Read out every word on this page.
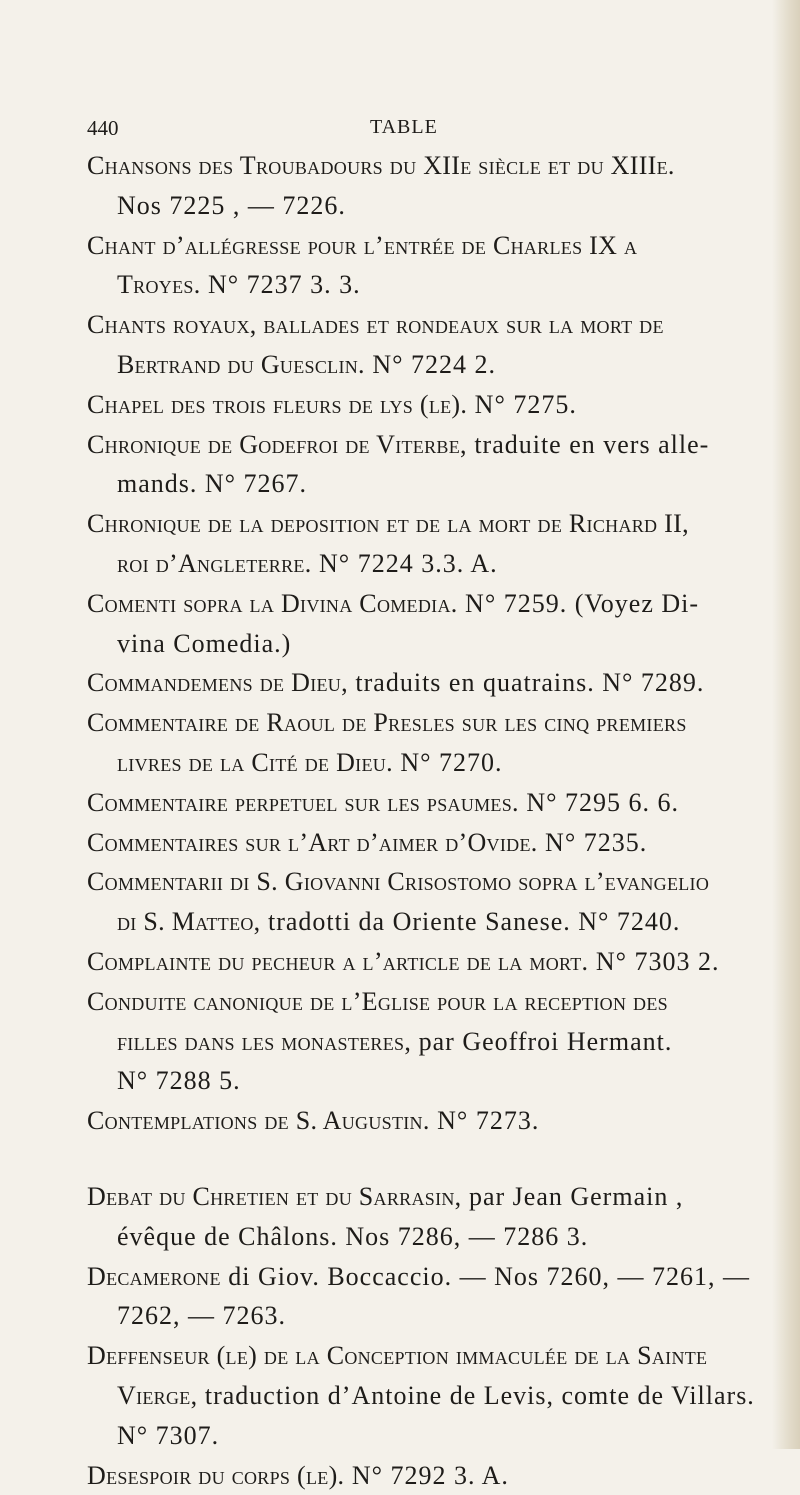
440	TABLE

Chansons des Troubadours du XIIe siècle et du XIIIe.
Nos 7225 , — 7226.

Chant d’allégresse pour l’entrée de Charles IX a
Troyes. N° 7237 3. 3.

Chants royaux, ballades et rondeaux sur la mort de
Bertrand du Guesclin. N° 7224 2.

Chapel des trois fleurs de lys (le). N° 7275.

Chronique de Godefroi de Viterbe, traduite en vers alle-
mands. N° 7267.

Chronique de la deposition et de la mort de Richard II,
roi d’Angleterre. N° 7224 3.3. A.

Comenti sopra la Divina Comedia. N° 7259. (Voyez Di-
vina Comedia.)

Commandemens de Dieu, traduits en quatrains. N° 7289.

Commentaire de Raoul de Presles sur les cinq premiers
livres de la Cité de Dieu. N° 7270.

Commentaire perpetuel sur les psaumes. N° 7295 6. 6.

Commentaires sur l’Art d’aimer d’Ovide. N° 7235.

Commentarii di S. Giovanni Crisostomo sopra l’evangelio
di S. Matteo, tradotti da Oriente Sanese. N° 7240.

Complainte du pecheur a l’article de la mort. N° 7303 2.

Conduite canonique de l’Eglise pour la reception des
filles dans les monasteres, par Geoffroi Hermant.
N° 7288 5.

Contemplations de S. Augustin. N° 7273.

Debat du Chretien et du Sarrasin, par Jean Germain ,
évêque de Châlons. Nos 7286, — 7286 3.

Decamerone di Giov. Boccaccio. — Nos 7260, — 7261, —
7262, — 7263.

Deffenseur (le) de la Conception immaculée de la Sainte
Vierge, traduction d’Antoine de Levis, comte de Villars.
N° 7307.

Desespoir du corps (le). N° 7292 3. A.
